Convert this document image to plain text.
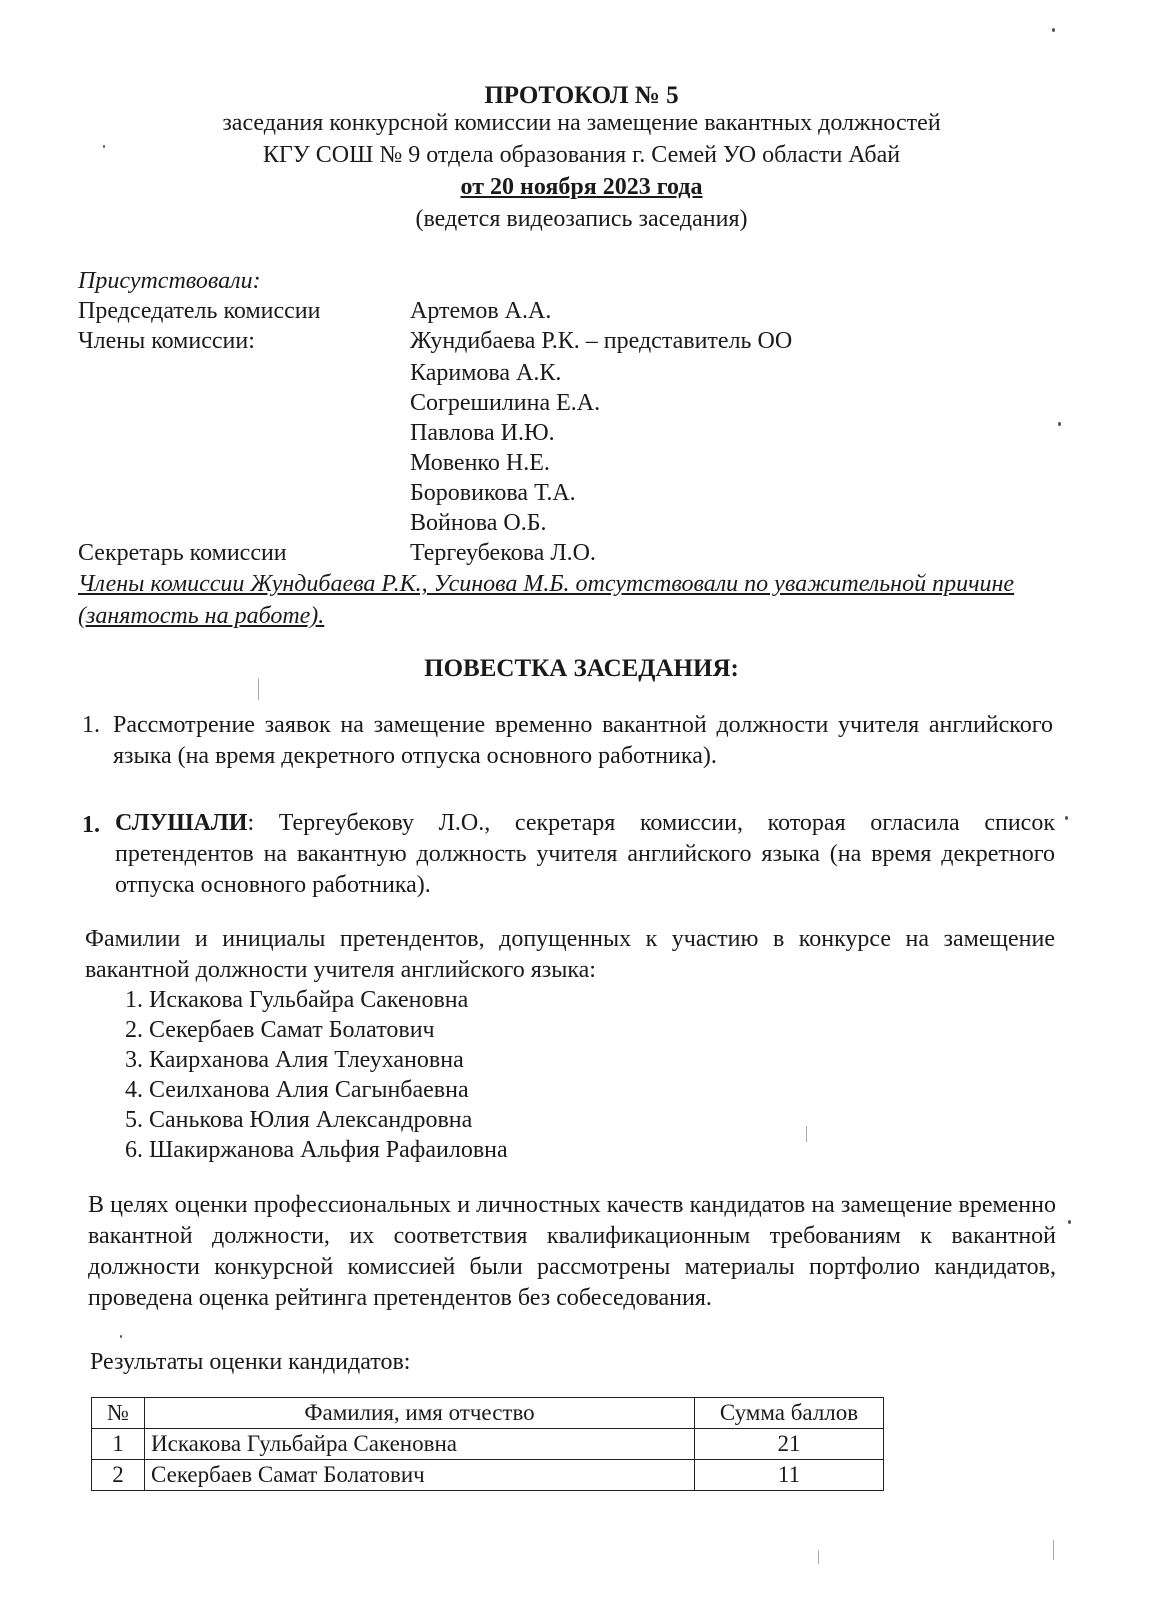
ПРОТОКОЛ № 5
заседания конкурсной комиссии на замещение вакантных должностей
КГУ СОШ № 9 отдела образования г. Семей УО области Абай
от 20 ноября 2023 года
(ведется видеозапись заседания)
Присутствовали:
Председатель комиссии	Артемов А.А.
Члены комиссии:	Жундибаева Р.К. – представитель ОО
Каримова А.К.
Согрешилина Е.А.
Павлова И.Ю.
Мовенко Н.Е.
Боровикова Т.А.
Войнова О.Б.
Секретарь комиссии	Тергеубекова Л.О.
Члены комиссии Жундибаева Р.К., Усинова М.Б. отсутствовали по уважительной причине (занятость на работе).
ПОВЕСТКА ЗАСЕДАНИЯ:
1. Рассмотрение заявок на замещение временно вакантной должности учителя английского языка (на время декретного отпуска основного работника).
1. СЛУШАЛИ: Тергеубекову Л.О., секретаря комиссии, которая огласила список претендентов на вакантную должность учителя английского языка (на время декретного отпуска основного работника).
Фамилии и инициалы претендентов, допущенных к участию в конкурсе на замещение вакантной должности учителя английского языка:
1. Искакова Гульбайра Сакеновна
2. Секербаев Самат Болатович
3. Каирханова Алия Тлеухановна
4. Сеилханова Алия Сагынбаевна
5. Санькова Юлия Александровна
6. Шакиржанова Альфия Рафаиловна
В целях оценки профессиональных и личностных качеств кандидатов на замещение временно вакантной должности, их соответствия квалификационным требованиям к вакантной должности конкурсной комиссией были рассмотрены материалы портфолио кандидатов, проведена оценка рейтинга претендентов без собеседования.
Результаты оценки кандидатов:
№	Фамилия, имя отчество	Сумма баллов
1	Искакова Гульбайра Сакеновна	21
2	Секербаев Самат Болатович	11
